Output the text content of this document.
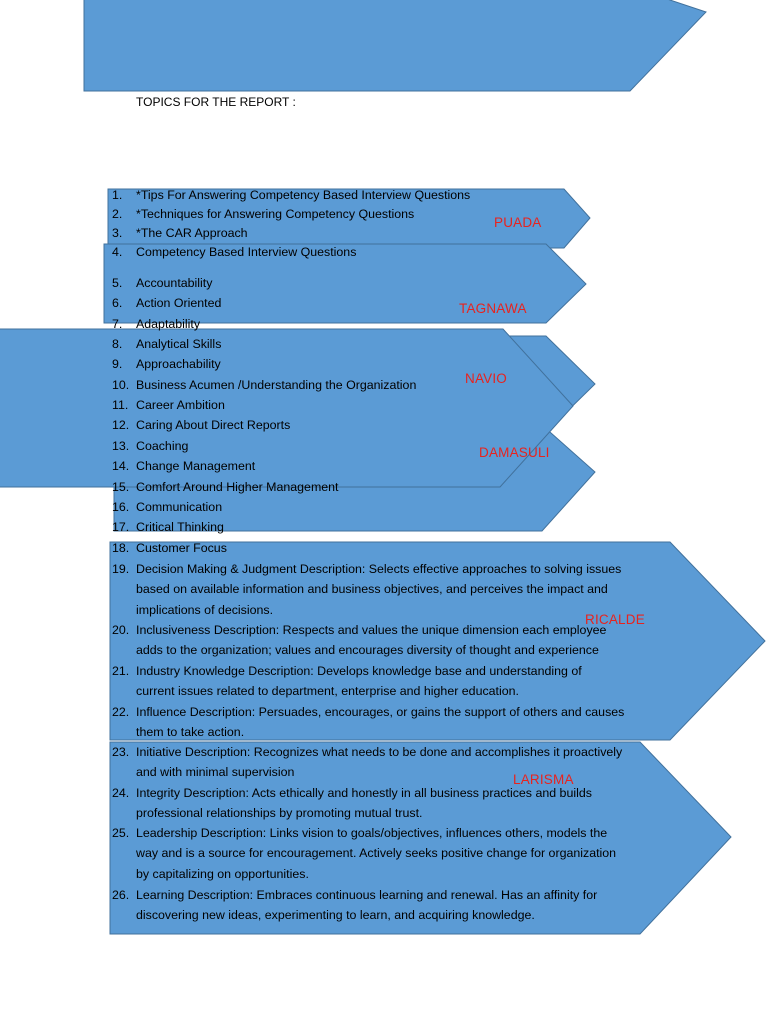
TOPICS FOR THE REPORT :
1.	*Tips For Answering Competency Based Interview Questions
2.	*Techniques for Answering Competency Questions
3.	*The CAR Approach
4.	Competency Based Interview Questions
5.	Accountability
6.	Action Oriented
7.	Adaptability
8.	Analytical Skills
9.	Approachability
10. Business Acumen /Understanding the Organization
11. Career Ambition
12. Caring About Direct Reports
13. Coaching
14. Change Management
15. Comfort Around Higher Management
16. Communication
17. Critical Thinking
18. Customer Focus
19. Decision Making & Judgment Description: Selects effective approaches to solving issues
based on available information and business objectives, and perceives the impact and
implications of decisions.
20. Inclusiveness Description: Respects and values the unique dimension each employee
adds to the organization; values and encourages diversity of thought and experience
21. Industry Knowledge Description: Develops knowledge base and understanding of
current issues related to department, enterprise and higher education.
22. Influence Description: Persuades, encourages, or gains the support of others and causes
them to take action.
23. Initiative Description: Recognizes what needs to be done and accomplishes it proactively
and with minimal supervision
24. Integrity Description: Acts ethically and honestly in all business practices and builds
professional relationships by promoting mutual trust.
25. Leadership Description: Links vision to goals/objectives, influences others, models the
way and is a source for encouragement. Actively seeks positive change for organization
by capitalizing on opportunities.
26. Learning Description: Embraces continuous learning and renewal. Has an affinity for
discovering new ideas, experimenting to learn, and acquiring knowledge.
PUADA
TAGNAWA
NAVIO
DAMASULI
RICALDE
LARISMA
